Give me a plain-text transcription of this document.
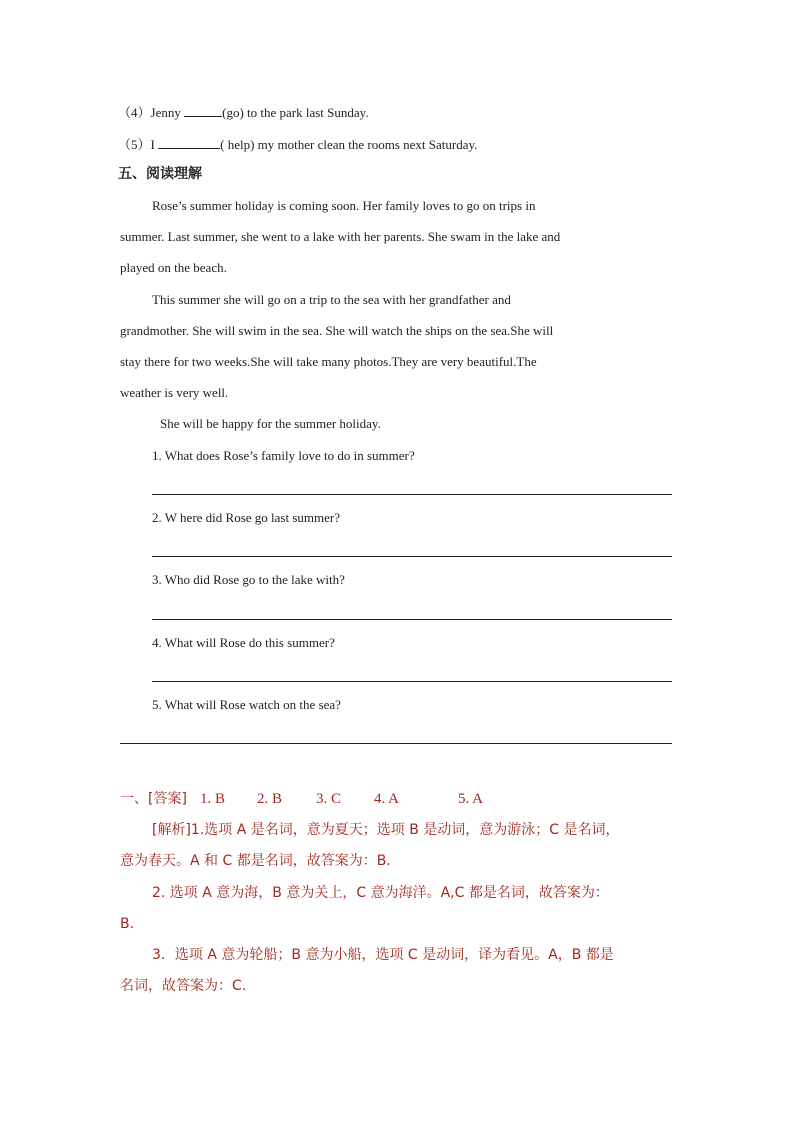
（4）Jenny	(go) to the park last Sunday.
（5）I	( help) my mother clean the rooms next Saturday.
五、阅读理解
Rose’s summer holiday is coming soon. Her family loves to go on trips in
summer. Last summer, she went to a lake with her parents. She swam in the lake and
played on the beach.
This summer she will go on a trip to the sea with her grandfather and
grandmother. She will swim in the sea. She will watch the ships on the sea.She will
stay there for two weeks.She will take many photos.They are very beautiful.The
weather is very well.
She will be happy for the summer holiday.
1. What does Rose’s family love to do in summer?
2. W here did Rose go last summer?
3. Who did Rose go to the lake with?
4. What will Rose do this summer?
5. What will Rose watch on the sea?
一、[答案] 1. B 2. B 3. C 4. A	5. A
[解析]1.选项 A 是名词，意为夏天；选项 B 是动词，意为游泳；C 是名词，
意为春天。A 和 C 都是名词，故答案为：B.
2. 选项 A 意为海，B 意为关上，C 意为海洋。A,C 都是名词，故答案为：
B.
3．选项 A 意为轮船；B 意为小船，选项 C 是动词，译为看见。A，B 都是
名词，故答案为：C.
